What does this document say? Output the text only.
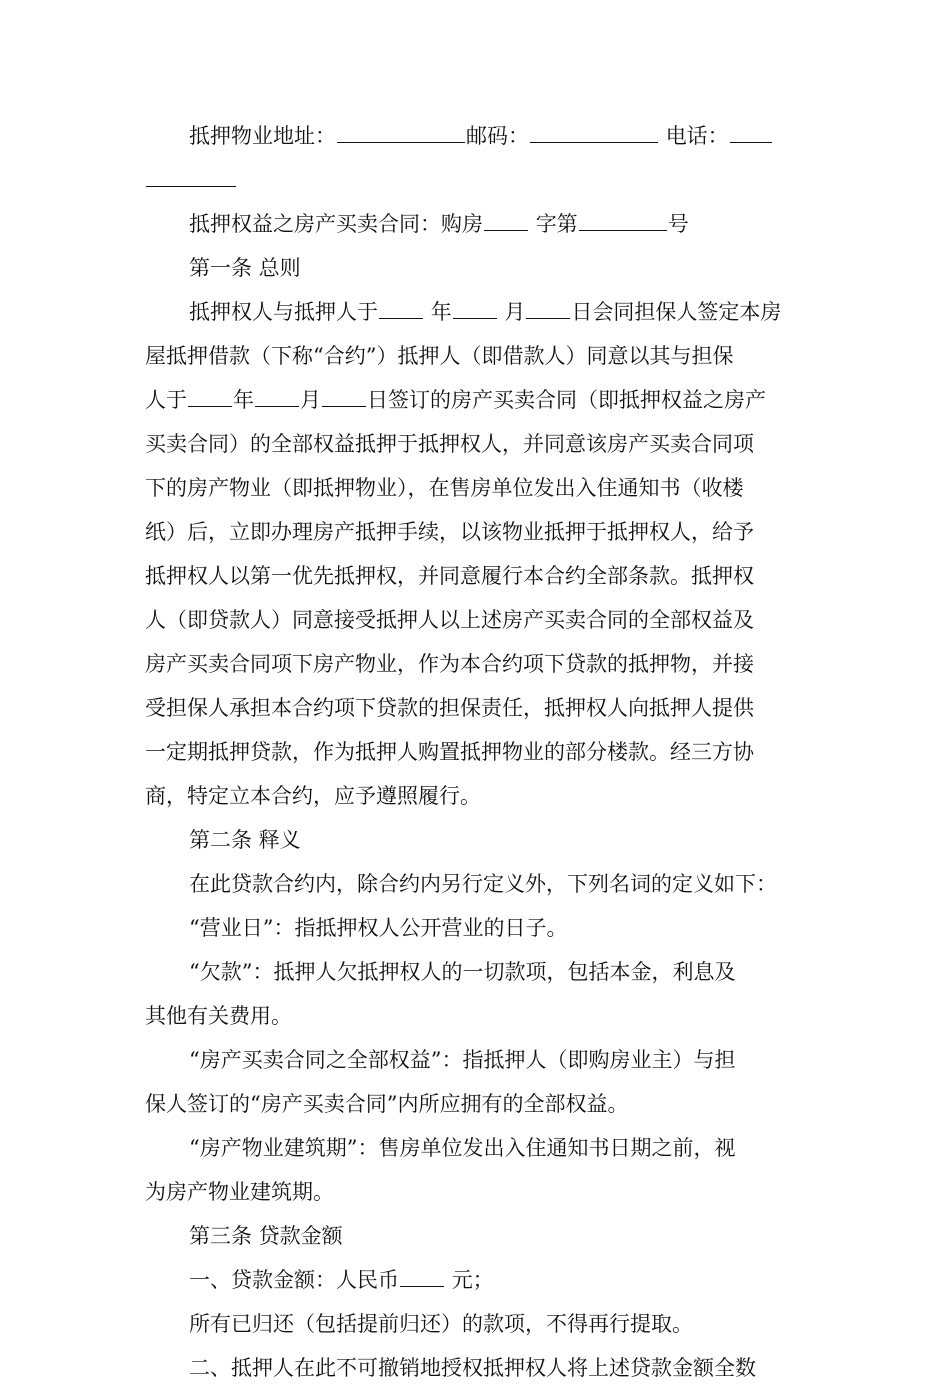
抵押物业地址：	邮码：	电话：
抵押权益之房产买卖合同：购房	字第	号
第一条 总则
抵押权人与抵押人于	年	月 日会同担保人签定本房
屋抵押借款（下称“合约”）抵押人（即借款人）同意以其与担保
人于 年 月 日签订的房产买卖合同（即抵押权益之房产
买卖合同）的全部权益抵押于抵押权人，并同意该房产买卖合同项
下的房产物业（即抵押物业），在售房单位发出入住通知书（收楼
纸）后，立即办理房产抵押手续，以该物业抵押于抵押权人，给予
抵押权人以第一优先抵押权，并同意履行本合约全部条款。抵押权
人（即贷款人）同意接受抵押人以上述房产买卖合同的全部权益及
房产买卖合同项下房产物业，作为本合约项下贷款的抵押物，并接
受担保人承担本合约项下贷款的担保责任，抵押权人向抵押人提供
一定期抵押贷款，作为抵押人购置抵押物业的部分楼款。经三方协
商，特定立本合约，应予遵照履行。
第二条 释义
在此贷款合约内，除合约内另行定义外，下列名词的定义如下：
“营业日”：指抵押权人公开营业的日子。
“欠款”：抵押人欠抵押权人的一切款项，包括本金，利息及
其他有关费用。
“房产买卖合同之全部权益”：指抵押人（即购房业主）与担
保人签订的“房产买卖合同”内所应拥有的全部权益。
“房产物业建筑期”：售房单位发出入住通知书日期之前，视
为房产物业建筑期。
第三条 贷款金额
一、贷款金额：人民币	元；
所有已归还（包括提前归还）的款项，不得再行提取。
二、抵押人在此不可撤销地授权抵押权人将上述贷款金额全数
